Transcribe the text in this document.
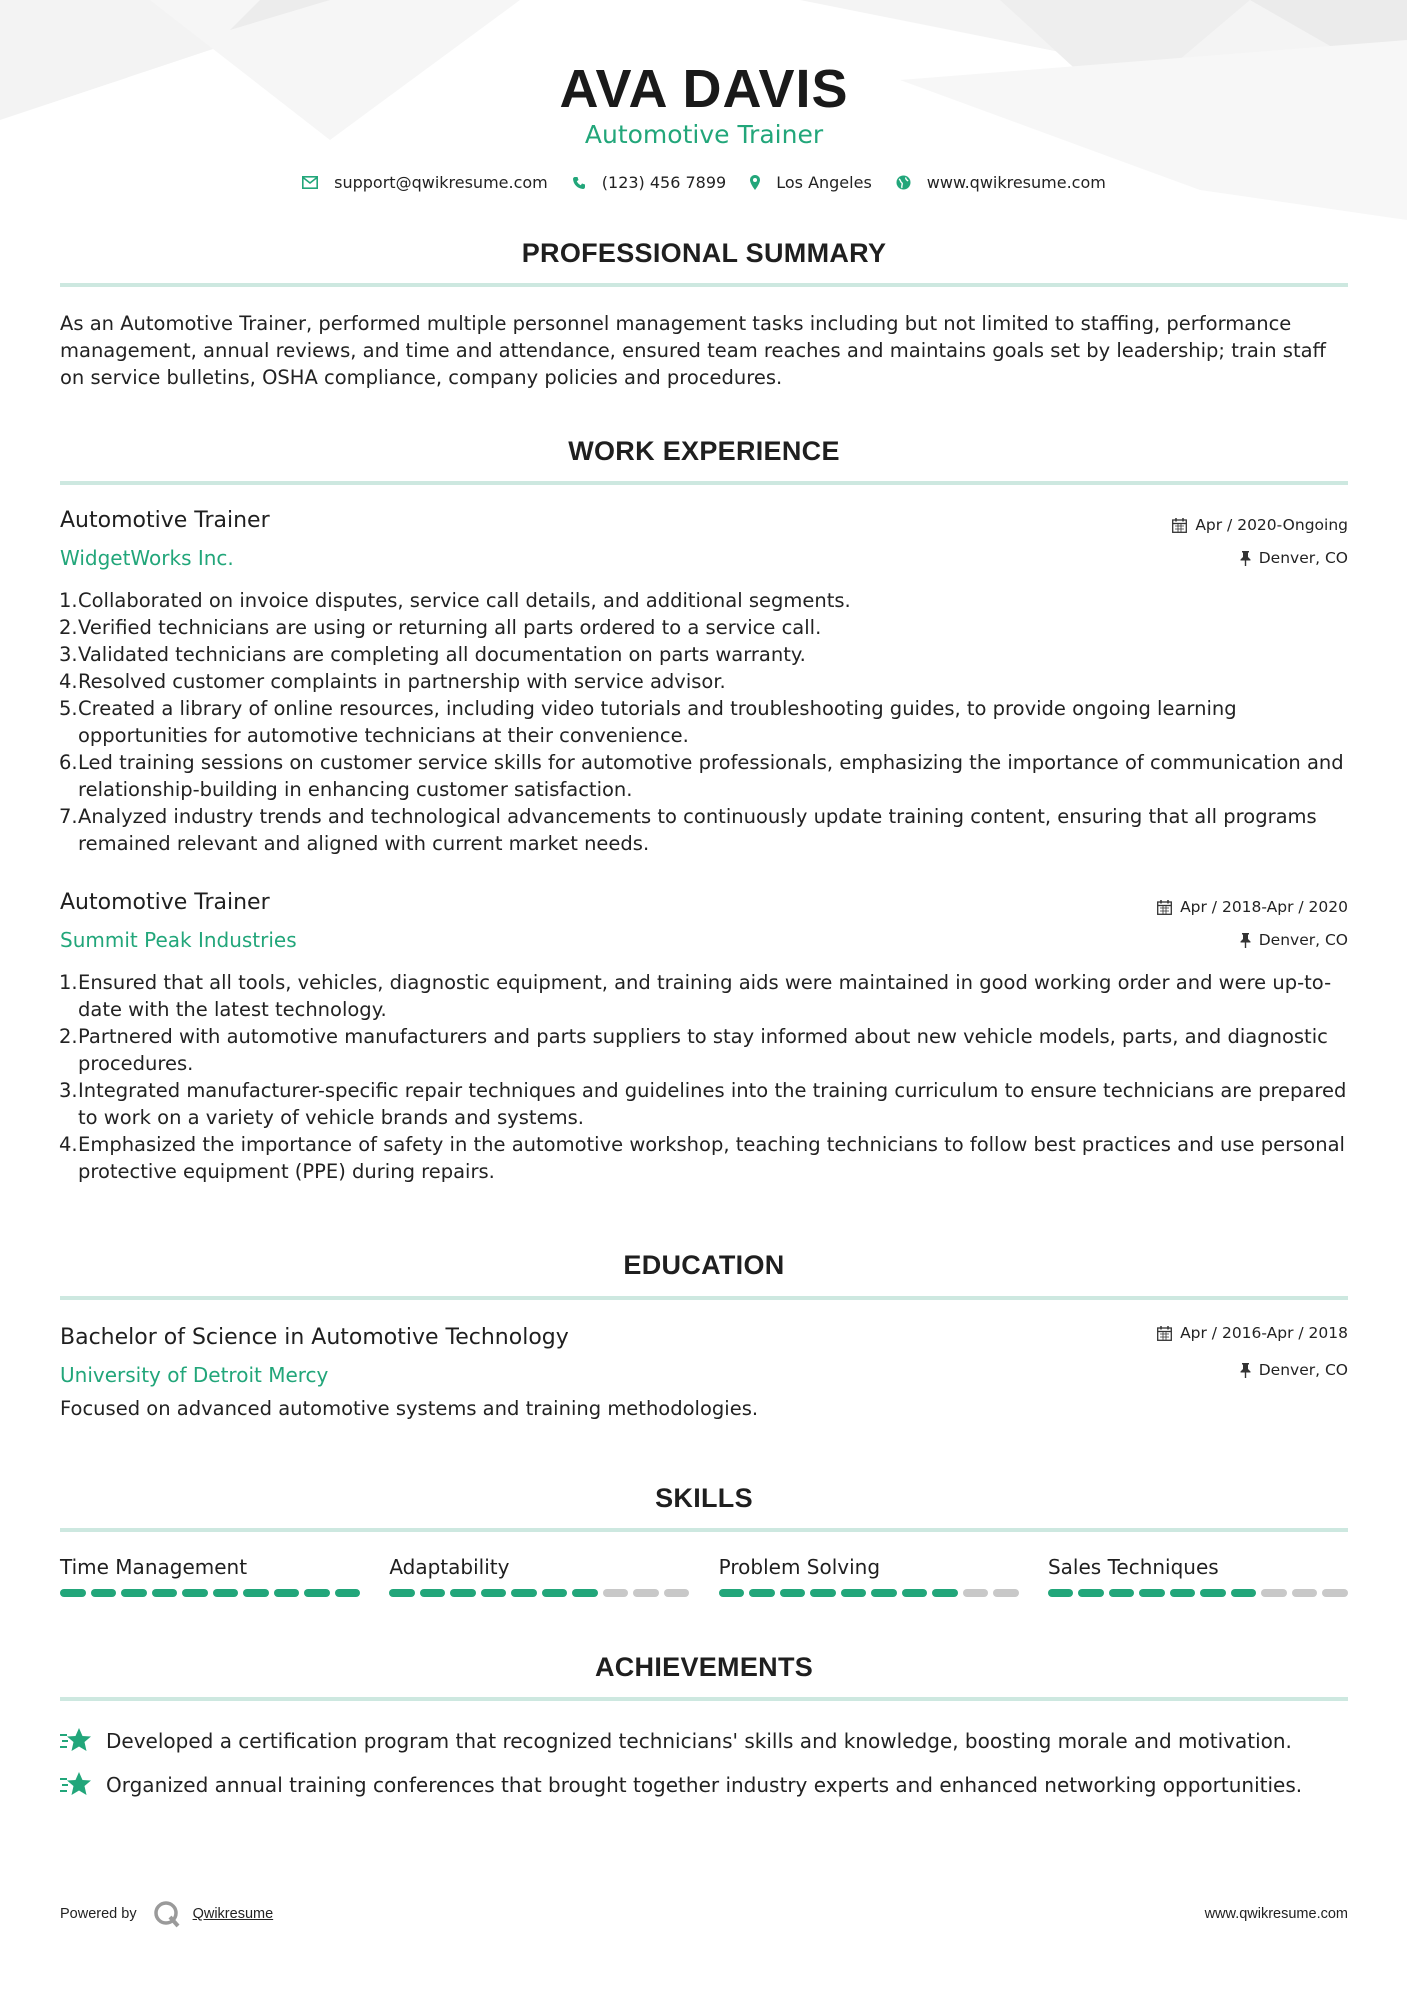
AVA DAVIS
Automotive Trainer
support@qwikresume.com	(123) 456 7899	Los Angeles	www.qwikresume.com
PROFESSIONAL SUMMARY
As an Automotive Trainer, performed multiple personnel management tasks including but not limited to staffing, performance management, annual reviews, and time and attendance, ensured team reaches and maintains goals set by leadership; train staff on service bulletins, OSHA compliance, company policies and procedures.
WORK EXPERIENCE
Automotive Trainer
WidgetWorks Inc.
Apr / 2020-Ongoing
Denver, CO
Collaborated on invoice disputes, service call details, and additional segments.
Verified technicians are using or returning all parts ordered to a service call.
Validated technicians are completing all documentation on parts warranty.
Resolved customer complaints in partnership with service advisor.
Created a library of online resources, including video tutorials and troubleshooting guides, to provide ongoing learning opportunities for automotive technicians at their convenience.
Led training sessions on customer service skills for automotive professionals, emphasizing the importance of communication and relationship-building in enhancing customer satisfaction.
Analyzed industry trends and technological advancements to continuously update training content, ensuring that all programs remained relevant and aligned with current market needs.
Automotive Trainer
Summit Peak Industries
Apr / 2018-Apr / 2020
Denver, CO
Ensured that all tools, vehicles, diagnostic equipment, and training aids were maintained in good working order and were up-to-date with the latest technology.
Partnered with automotive manufacturers and parts suppliers to stay informed about new vehicle models, parts, and diagnostic procedures.
Integrated manufacturer-specific repair techniques and guidelines into the training curriculum to ensure technicians are prepared to work on a variety of vehicle brands and systems.
Emphasized the importance of safety in the automotive workshop, teaching technicians to follow best practices and use personal protective equipment (PPE) during repairs.
EDUCATION
Bachelor of Science in Automotive Technology
University of Detroit Mercy
Apr / 2016-Apr / 2018
Denver, CO
Focused on advanced automotive systems and training methodologies.
SKILLS
Time Management	Adaptability	Problem Solving	Sales Techniques
ACHIEVEMENTS
Developed a certification program that recognized technicians' skills and knowledge, boosting morale and motivation.
Organized annual training conferences that brought together industry experts and enhanced networking opportunities.
Powered by	Qwikresume	www.qwikresume.com
